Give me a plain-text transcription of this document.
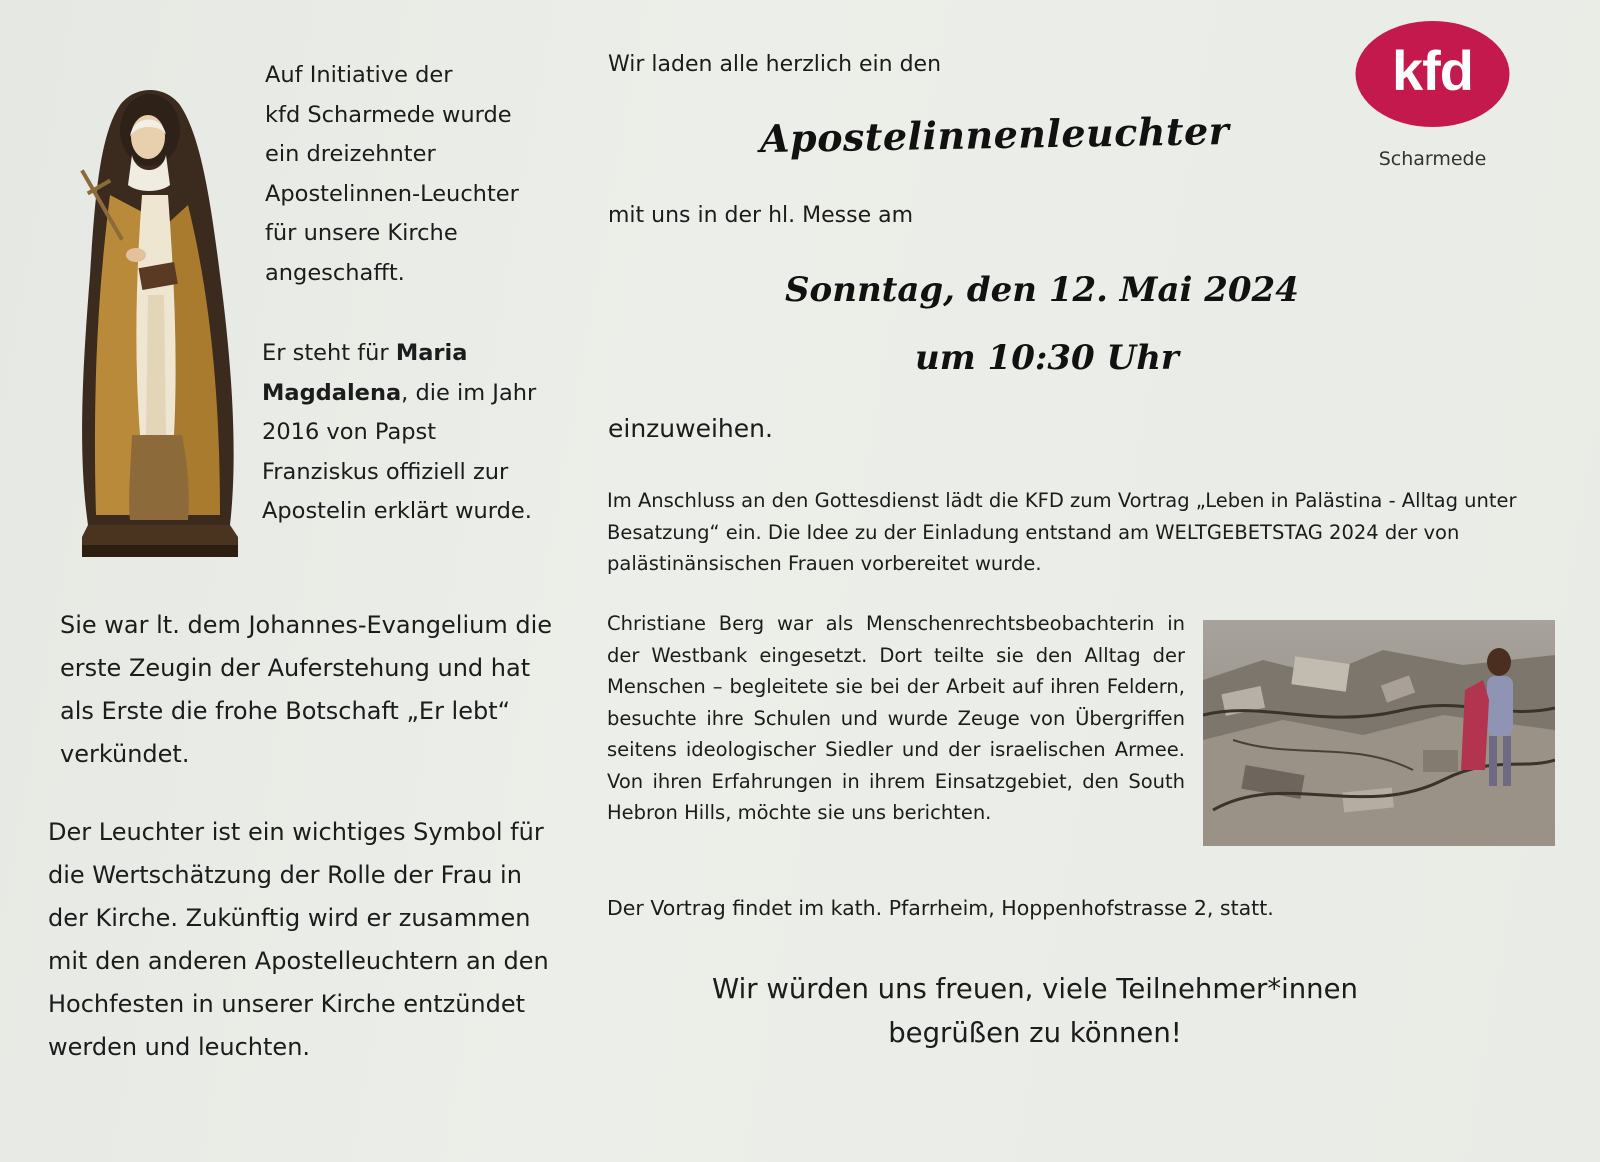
Auf Initiative der
kfd Scharmede wurde
ein dreizehnter
Apostelinnen-Leuchter
für unsere Kirche
angeschafft.
Er steht für Maria Magdalena, die im Jahr 2016 von Papst Franziskus offiziell zur Apostelin erklärt wurde.
Sie war lt. dem Johannes-Evangelium die erste Zeugin der Auferstehung und hat als Erste die frohe Botschaft „Er lebt“ verkündet.
Der Leuchter ist ein wichtiges Symbol für die Wertschätzung der Rolle der Frau in der Kirche. Zukünftig wird er zusammen mit den anderen Apostelleuchtern an den Hochfesten in unserer Kirche entzündet werden und leuchten.
Wir laden alle herzlich ein den
Apostelinnenleuchter
mit uns in der hl. Messe am
Sonntag, den 12. Mai 2024
um 10:30 Uhr
einzuweihen.
Im Anschluss an den Gottesdienst lädt die KFD zum Vortrag „Leben in Palästina - Alltag unter Besatzung“ ein. Die Idee zu der Einladung entstand am WELTGEBETSTAG 2024 der von palästinänsischen Frauen vorbereitet wurde.
Christiane Berg war als Menschenrechtsbeobachterin in der Westbank eingesetzt. Dort teilte sie den Alltag der Menschen – begleitete sie bei der Arbeit auf ihren Feldern, besuchte ihre Schulen und wurde Zeuge von Übergriffen seitens ideologischer Siedler und der israelischen Armee. Von ihren Erfahrungen in ihrem Einsatzgebiet, den South Hebron Hills, möchte sie uns berichten.
Der Vortrag findet im kath. Pfarrheim, Hoppenhofstrasse 2, statt.
Wir würden uns freuen, viele Teilnehmer*innen
begrüßen zu können!
kfd
Scharmede
